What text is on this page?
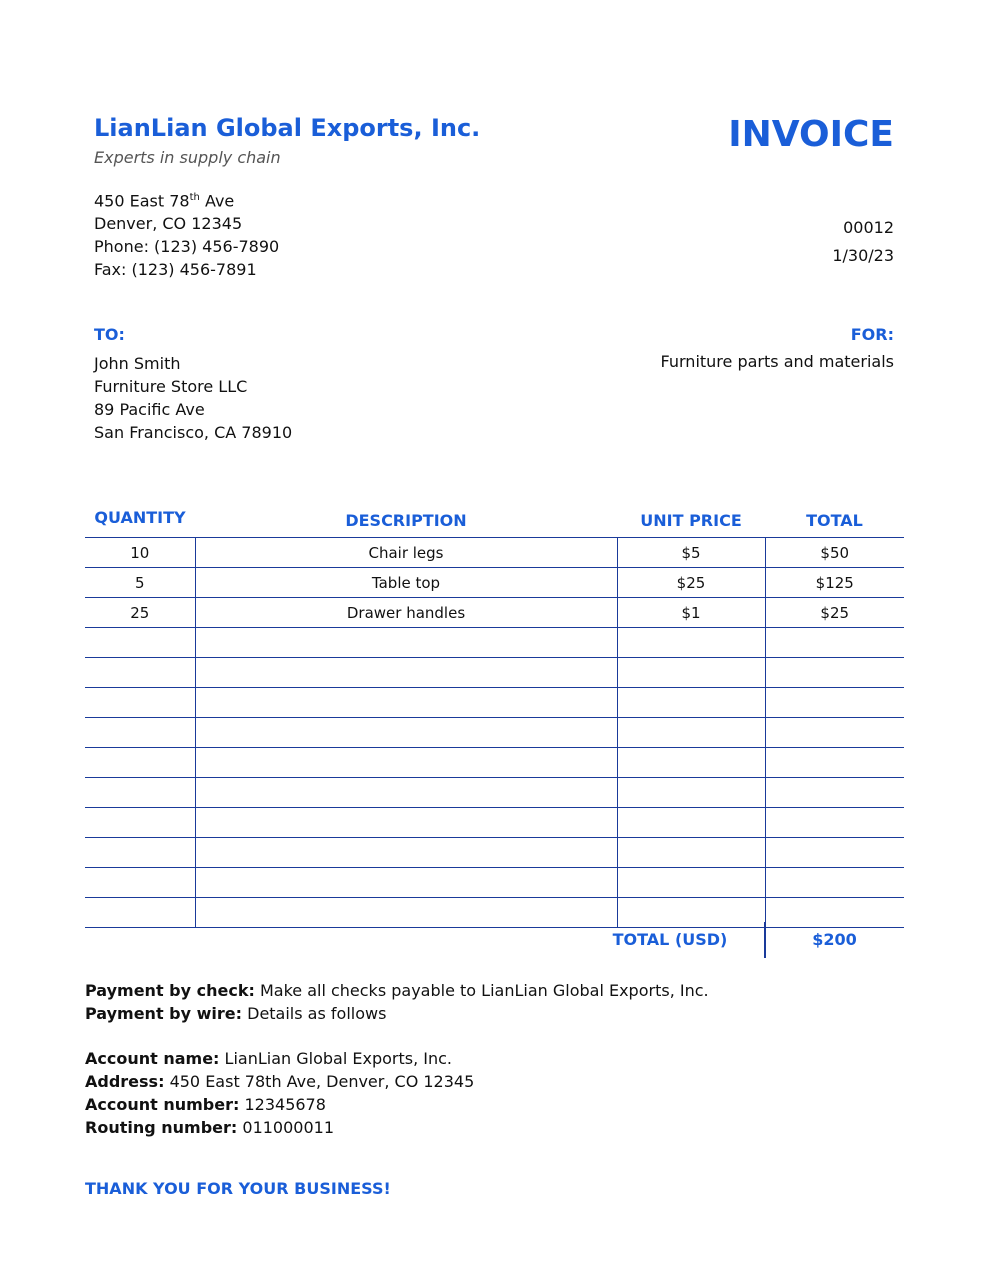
LianLian Global Exports, Inc.
Experts in supply chain
450 East 78th Ave
Denver, CO 12345
Phone: (123) 456-7890
Fax: (123) 456-7891
INVOICE
00012
1/30/23
TO:
John Smith
Furniture Store LLC
89 Pacific Ave
San Francisco, CA 78910
FOR:
Furniture parts and materials
QUANTITY	DESCRIPTION	UNIT PRICE	TOTAL
10	Chair legs	$5	$50
5	Table top	$25	$125
25	Drawer handles	$1	$25

TOTAL (USD)	$200
Payment by check: Make all checks payable to LianLian Global Exports, Inc.
Payment by wire: Details as follows
Account name: LianLian Global Exports, Inc.
Address: 450 East 78th Ave, Denver, CO 12345
Account number: 12345678
Routing number: 011000011
THANK YOU FOR YOUR BUSINESS!
